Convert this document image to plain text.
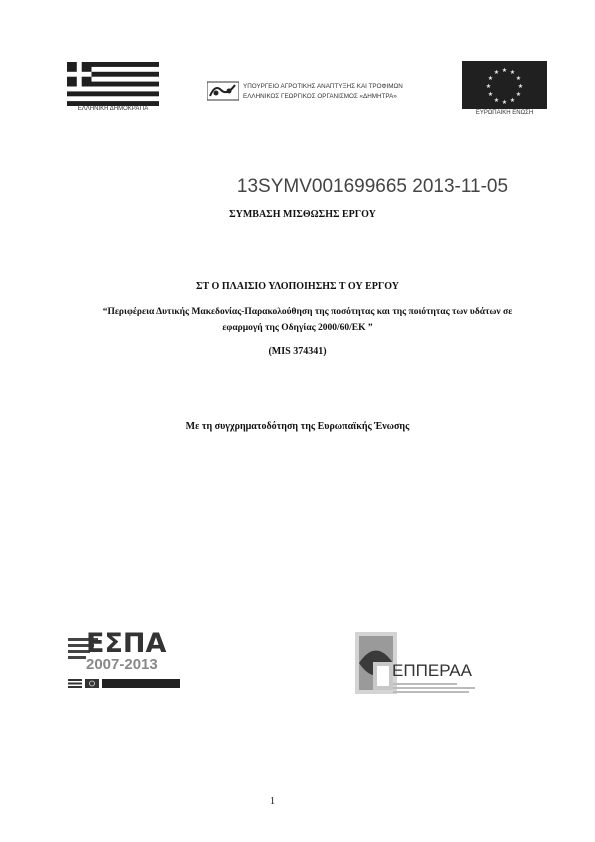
ΕΛΛΗΝΙΚΗ ΔΗΜΟΚΡΑΤΙΑ
ΥΠΟΥΡΓΕΙΟ ΑΓΡΟΤΙΚΗΣ ΑΝΑΠΤΥΞΗΣ ΚΑΙ ΤΡΟΦΙΜΩΝ
ΕΛΛΗΝΙΚΟΣ ΓΕΩΡΓΙΚΟΣ ΟΡΓΑΝΙΣΜΟΣ «ΔΗΜΗΤΡΑ»
★ ★
★
★
★
★
★
★
★
★
★
★
ΕΥΡΩΠΑΪΚΗ ΕΝΩΣΗ
13SYMV001699665 2013-11-05
ΣΥΜΒΑΣΗ ΜΙΣΘΩΣΗΣ ΕΡΓΟΥ
ΣΤ Ο ΠΛΑΙΣΙΟ ΥΛΟΠΟΙΗΣΗΣ Τ ΟΥ ΕΡΓΟΥ
“Περιφέρεια Δυτικής Μακεδονίας-Παρακολούθηση της ποσότητας και της ποιότητας των υδάτων σε
εφαρμογή της Οδηγίας 2000/60/ΕΚ ”
(MIS 374341)
Με τη συγχρηματοδότηση της Ευρωπαϊκής Ένωσης
ΕΣΠΑ
2007-2013	ΕΠΠΕΡΑΑ
1
